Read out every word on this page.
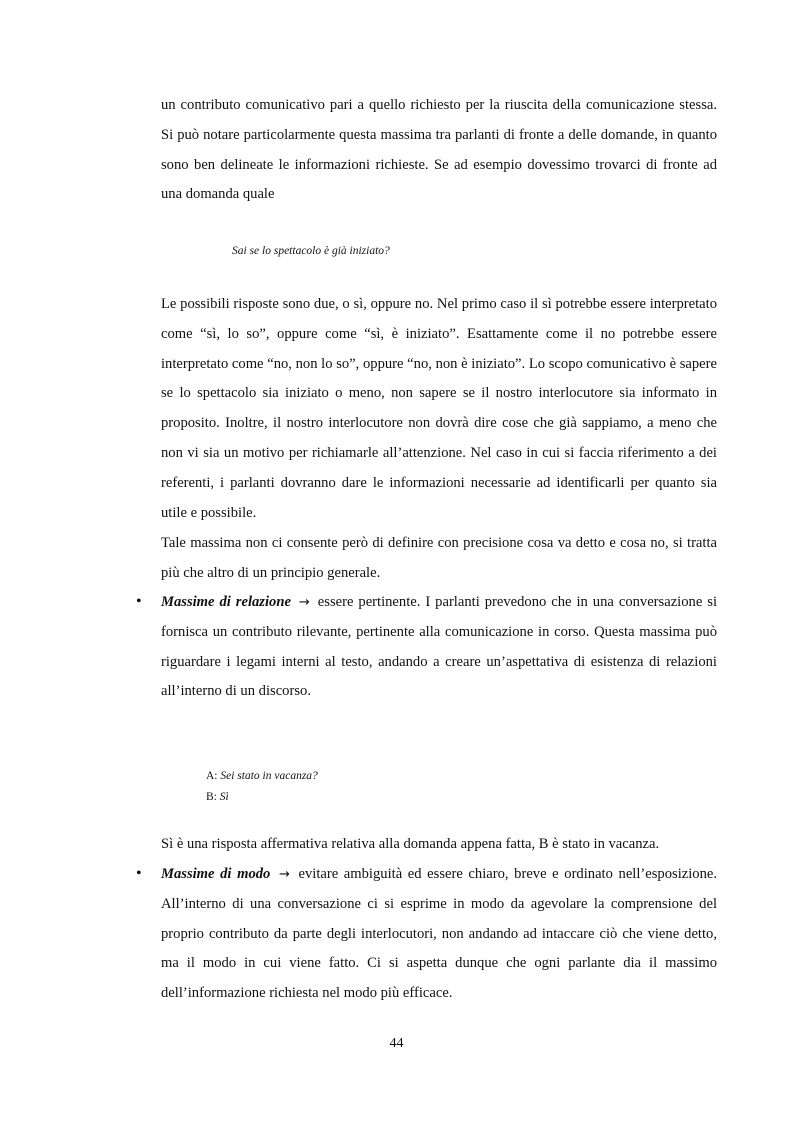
un contributo comunicativo pari a quello richiesto per la riuscita della comunicazione stessa. Si può notare particolarmente questa massima tra parlanti di fronte a delle domande, in quanto sono ben delineate le informazioni richieste. Se ad esempio dovessimo trovarci di fronte ad una domanda quale

Sai se lo spettacolo è già iniziato?

Le possibili risposte sono due, o sì, oppure no. Nel primo caso il sì potrebbe essere interpretato come “sì, lo so”, oppure come “sì, è iniziato”. Esattamente come il no potrebbe essere interpretato come “no, non lo so”, oppure “no, non è iniziato”. Lo scopo comunicativo è sapere se lo spettacolo sia iniziato o meno, non sapere se il nostro interlocutore sia informato in proposito. Inoltre, il nostro interlocutore non dovrà dire cose che già sappiamo, a meno che non vi sia un motivo per richiamarle all’attenzione. Nel caso in cui si faccia riferimento a dei referenti, i parlanti dovranno dare le informazioni necessarie ad identificarli per quanto sia utile e possibile.

Tale massima non ci consente però di definire con precisione cosa va detto e cosa no, si tratta più che altro di un principio generale.

• Massime di relazione → essere pertinente. I parlanti prevedono che in una conversazione si fornisca un contributo rilevante, pertinente alla comunicazione in corso. Questa massima può riguardare i legami interni al testo, andando a creare un’aspettativa di esistenza di relazioni all’interno di un discorso.

A: Sei stato in vacanza?
B: Sì

Sì è una risposta affermativa relativa alla domanda appena fatta, B è stato in vacanza.

• Massime di modo → evitare ambiguità ed essere chiaro, breve e ordinato nell’esposizione. All’interno di una conversazione ci si esprime in modo da agevolare la comprensione del proprio contributo da parte degli interlocutori, non andando ad intaccare ciò che viene detto, ma il modo in cui viene fatto. Ci si aspetta dunque che ogni parlante dia il massimo dell’informazione richiesta nel modo più efficace.

44
